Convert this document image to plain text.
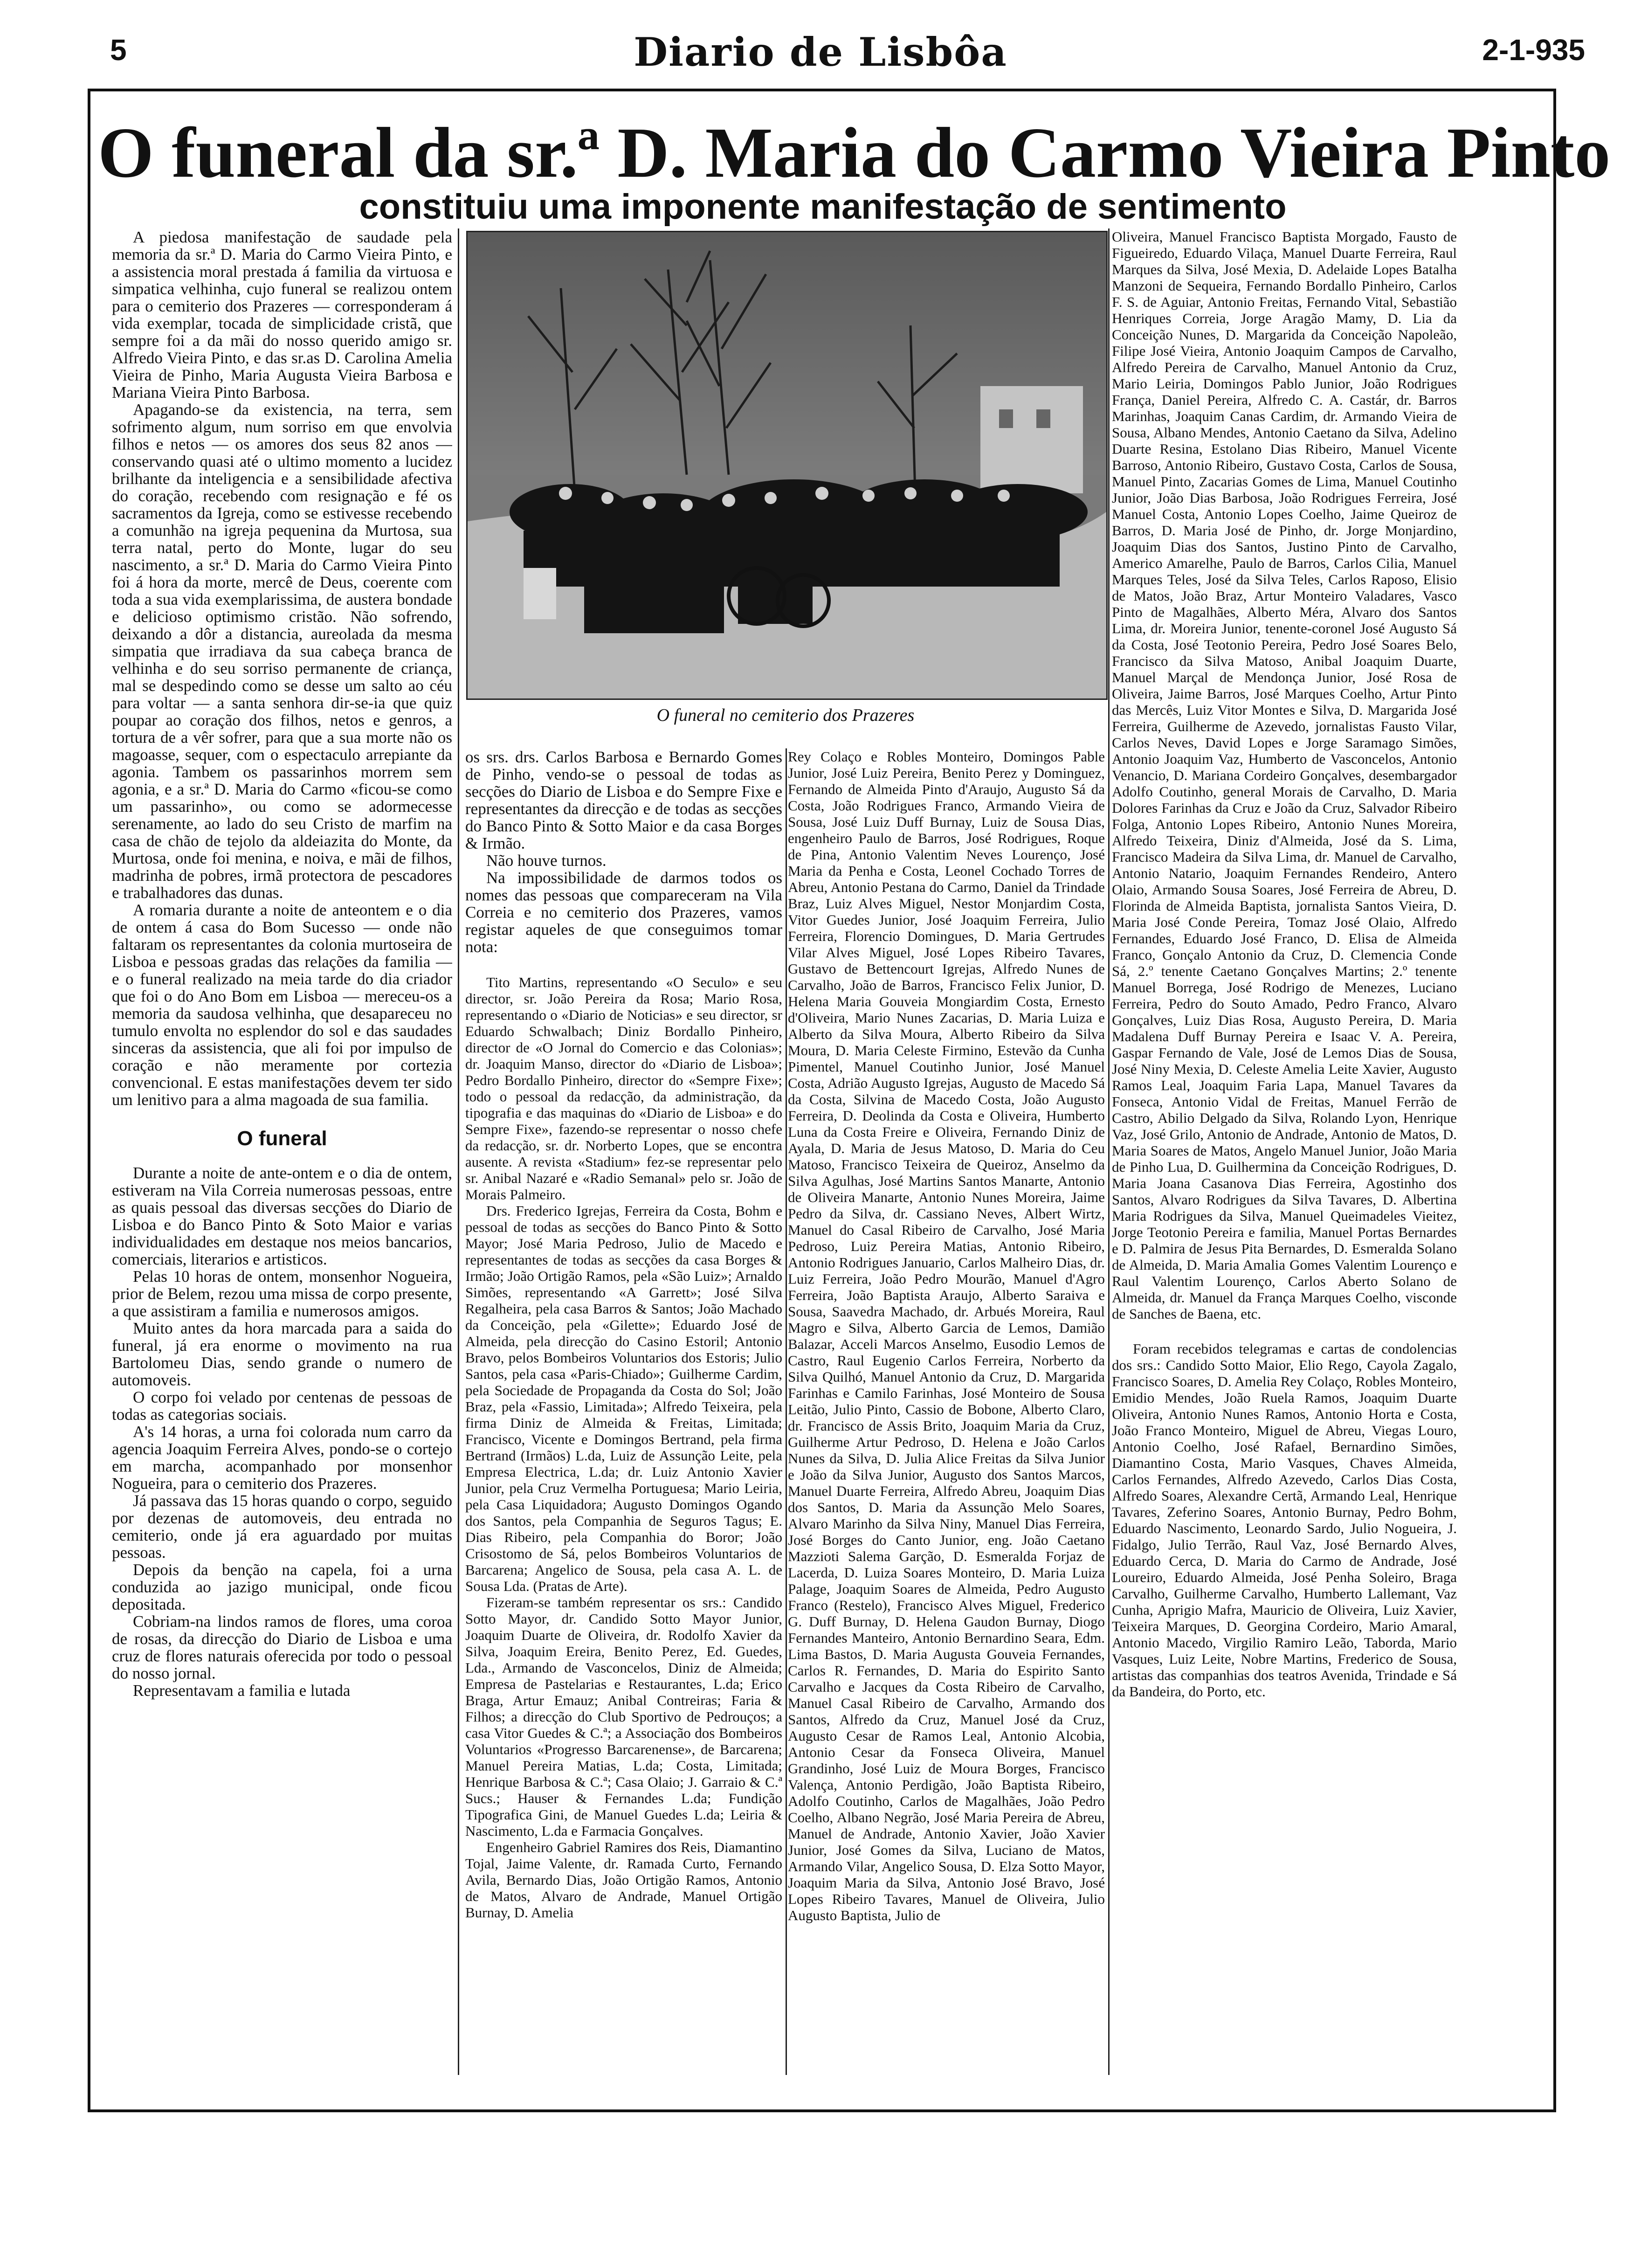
5	Diario de Lisbôa	2-1-935
O funeral da sr.ª D. Maria do Carmo Vieira Pinto
constituiu uma imponente manifestação de sentimento
O funeral no cemiterio dos Prazeres

A piedosa manifestação de saudade pela memoria da sr.ª D. Maria do Carmo Vieira Pinto, e a assistencia moral prestada á familia da virtuosa e simpatica velhinha, cujo funeral se realizou ontem para o cemiterio dos Prazeres — corresponderam á vida exemplar, tocada de simplicidade cristã, que sempre foi a da mãi do nosso querido amigo sr. Alfredo Vieira Pinto, e das sr.as D. Carolina Amelia Vieira de Pinho, Maria Augusta Vieira Barbosa e Mariana Vieira Pinto Barbosa.

Apagando-se da existencia, na terra, sem sofrimento algum, num sorriso em que envolvia filhos e netos — os amores dos seus 82 anos — conservando quasi até o ultimo momento a lucidez brilhante da inteligencia e a sensibilidade afectiva do coração, recebendo com resignação e fé os sacramentos da Igreja, como se estivesse recebendo a comunhão na igreja pequenina da Murtosa, sua terra natal, perto do Monte, lugar do seu nascimento, a sr.ª D. Maria do Carmo Vieira Pinto foi á hora da morte, mercê de Deus, coerente com toda a sua vida exemplarissima, de austera bondade e delicioso optimismo cristão. Não sofrendo, deixando a dôr a distancia, aureolada da mesma simpatia que irradiava da sua cabeça branca de velhinha e do seu sorriso permanente de criança, mal se despedindo como se desse um salto ao céu para voltar — a santa senhora dir-se-ia que quiz poupar ao coração dos filhos, netos e genros, a tortura de a vêr sofrer, para que a sua morte não os magoasse, sequer, com o espectaculo arrepiante da agonia. Tambem os passarinhos morrem sem agonia, e a sr.ª D. Maria do Carmo «ficou-se como um passarinho», ou como se adormecesse serenamente, ao lado do seu Cristo de marfim na casa de chão de tejolo da aldeiazita do Monte, da Murtosa, onde foi menina, e noiva, e mãi de filhos, madrinha de pobres, irmã protectora de pescadores e trabalhadores das dunas.

A romaria durante a noite de anteontem e o dia de ontem á casa do Bom Sucesso — onde não faltaram os representantes da colonia murtoseira de Lisboa e pessoas gradas das relações da familia — e o funeral realizado na meia tarde do dia criador que foi o do Ano Bom em Lisboa — mereceu-os a memoria da saudosa velhinha, que desapareceu no tumulo envolta no esplendor do sol e das saudades sinceras da assistencia, que ali foi por impulso de coração e não meramente por cortezia convencional. E estas manifestações devem ter sido um lenitivo para a alma magoada de sua familia.

O funeral

Durante a noite de ante-ontem e o dia de ontem, estiveram na Vila Correia numerosas pessoas, entre as quais pessoal das diversas secções do Diario de Lisboa e do Banco Pinto & Soto Maior e varias individualidades em destaque nos meios bancarios, comerciais, literarios e artisticos.

Pelas 10 horas de ontem, monsenhor Nogueira, prior de Belem, rezou uma missa de corpo presente, a que assistiram a familia e numerosos amigos.

Muito antes da hora marcada para a saida do funeral, já era enorme o movimento na rua Bartolomeu Dias, sendo grande o numero de automoveis.

O corpo foi velado por centenas de pessoas de todas as categorias sociais.

A's 14 horas, a urna foi colorada num carro da agencia Joaquim Ferreira Alves, pondo-se o cortejo em marcha, acompanhado por monsenhor Nogueira, para o cemiterio dos Prazeres.

Já passava das 15 horas quando o corpo, seguido por dezenas de automoveis, deu entrada no cemiterio, onde já era aguardado por muitas pessoas.

Depois da benção na capela, foi a urna conduzida ao jazigo municipal, onde ficou depositada.

Cobriam-na lindos ramos de flores, uma coroa de rosas, da direcção do Diario de Lisboa e uma cruz de flores naturais oferecida por todo o pessoal do nosso jornal.

Representavam a familia e lutada

os srs. drs. Carlos Barbosa e Bernardo Gomes de Pinho, vendo-se o pessoal de todas as secções do Diario de Lisboa e do Sempre Fixe e representantes da direcção e de todas as secções do Banco Pinto & Sotto Maior e da casa Borges & Irmão.

Não houve turnos.

Na impossibilidade de darmos todos os nomes das pessoas que compareceram na Vila Correia e no cemiterio dos Prazeres, vamos registar aqueles de que conseguimos tomar nota:

Tito Martins, representando «O Seculo» e seu director, sr. João Pereira da Rosa; Mario Rosa, representando o «Diario de Noticias» e seu director, sr Eduardo Schwalbach; Diniz Bordallo Pinheiro, director de «O Jornal do Comercio e das Colonias»; dr. Joaquim Manso, director do «Diario de Lisboa»; Pedro Bordallo Pinheiro, director do «Sempre Fixe»; todo o pessoal da redacção, da administração, da tipografia e das maquinas do «Diario de Lisboa» e do Sempre Fixe», fazendo-se representar o nosso chefe da redacção, sr. dr. Norberto Lopes, que se encontra ausente. A revista «Stadium» fez-se representar pelo sr. Anibal Nazaré e «Radio Semanal» pelo sr. João de Morais Palmeiro.

Drs. Frederico Igrejas, Ferreira da Costa, Bohm e pessoal de todas as secções do Banco Pinto & Sotto Mayor; José Maria Pedroso, Julio de Macedo e representantes de todas as secções da casa Borges & Irmão; João Ortigão Ramos, pela «São Luiz»; Arnaldo Simões, representando «A Garrett»; José Silva Regalheira, pela casa Barros & Santos; João Machado da Conceição, pela «Gilette»; Eduardo José de Almeida, pela direcção do Casino Estoril; Antonio Bravo, pelos Bombeiros Voluntarios dos Estoris; Julio Santos, pela casa «Paris-Chiado»; Guilherme Cardim, pela Sociedade de Propaganda da Costa do Sol; João Braz, pela «Fassio, Limitada»; Alfredo Teixeira, pela firma Diniz de Almeida & Freitas, Limitada; Francisco, Vicente e Domingos Bertrand, pela firma Bertrand (Irmãos) L.da, Luiz de Assunção Leite, pela Empresa Electrica, L.da; dr. Luiz Antonio Xavier Junior, pela Cruz Vermelha Portuguesa; Mario Leiria, pela Casa Liquidadora; Augusto Domingos Ogando dos Santos, pela Companhia de Seguros Tagus; E. Dias Ribeiro, pela Companhia do Boror; João Crisostomo de Sá, pelos Bombeiros Voluntarios de Barcarena; Angelico de Sousa, pela casa A. L. de Sousa Lda. (Pratas de Arte).

Fizeram-se também representar os srs.: Candido Sotto Mayor, dr. Candido Sotto Mayor Junior, Joaquim Duarte de Oliveira, dr. Rodolfo Xavier da Silva, Joaquim Ereira, Benito Perez, Ed. Guedes, Lda., Armando de Vasconcelos, Diniz de Almeida; Empresa de Pastelarias e Restaurantes, L.da; Erico Braga, Artur Emauz; Anibal Contreiras; Faria & Filhos; a direcção do Club Sportivo de Pedrouços; a casa Vitor Guedes & C.ª; a Associação dos Bombeiros Voluntarios «Progresso Barcarenense», de Barcarena; Manuel Pereira Matias, L.da; Costa, Limitada; Henrique Barbosa & C.ª; Casa Olaio; J. Garraio & C.ª Sucs.; Hauser & Fernandes L.da; Fundição Tipografica Gini, de Manuel Guedes L.da; Leiria & Nascimento, L.da e Farmacia Gonçalves.

Engenheiro Gabriel Ramires dos Reis, Diamantino Tojal, Jaime Valente, dr. Ramada Curto, Fernando Avila, Bernardo Dias, João Ortigão Ramos, Antonio de Matos, Alvaro de Andrade, Manuel Ortigão Burnay, D. Amelia

Rey Colaço e Robles Monteiro, Domingos Pable Junior, José Luiz Pereira, Benito Perez y Dominguez, Fernando de Almeida Pinto d'Araujo, Augusto Sá da Costa, João Rodrigues Franco, Armando Vieira de Sousa, José Luiz Duff Burnay, Luiz de Sousa Dias, engenheiro Paulo de Barros, José Rodrigues, Roque de Pina, Antonio Valentim Neves Lourenço, José Maria da Penha e Costa, Leonel Cochado Torres de Abreu, Antonio Pestana do Carmo, Daniel da Trindade Braz, Luiz Alves Miguel, Nestor Monjardim Costa, Vitor Guedes Junior, José Joaquim Ferreira, Julio Ferreira, Florencio Domingues, D. Maria Gertrudes Vilar Alves Miguel, José Lopes Ribeiro Tavares, Gustavo de Bettencourt Igrejas, Alfredo Nunes de Carvalho, João de Barros, Francisco Felix Junior, D. Helena Maria Gouveia Mongiardim Costa, Ernesto d'Oliveira, Mario Nunes Zacarias, D. Maria Luiza e Alberto da Silva Moura, Alberto Ribeiro da Silva Moura, D. Maria Celeste Firmino, Estevão da Cunha Pimentel, Manuel Coutinho Junior, José Manuel Costa, Adrião Augusto Igrejas, Augusto de Macedo Sá da Costa, Silvina de Macedo Costa, João Augusto Ferreira, D. Deolinda da Costa e Oliveira, Humberto Luna da Costa Freire e Oliveira, Fernando Diniz de Ayala, D. Maria de Jesus Matoso, D. Maria do Ceu Matoso, Francisco Teixeira de Queiroz, Anselmo da Silva Agulhas, José Martins Santos Manarte, Antonio de Oliveira Manarte, Antonio Nunes Moreira, Jaime Pedro da Silva, dr. Cassiano Neves, Albert Wirtz, Manuel do Casal Ribeiro de Carvalho, José Maria Pedroso, Luiz Pereira Matias, Antonio Ribeiro, Antonio Rodrigues Januario, Carlos Malheiro Dias, dr. Luiz Ferreira, João Pedro Mourão, Manuel d'Agro Ferreira, João Baptista Araujo, Alberto Saraiva e Sousa, Saavedra Machado, dr. Arbués Moreira, Raul Magro e Silva, Alberto Garcia de Lemos, Damião Balazar, Acceli Marcos Anselmo, Eusodio Lemos de Castro, Raul Eugenio Carlos Ferreira, Norberto da Silva Quilhó, Manuel Antonio da Cruz, D. Margarida Farinhas e Camilo Farinhas, José Monteiro de Sousa Leitão, Julio Pinto, Cassio de Bobone, Alberto Claro, dr. Francisco de Assis Brito, Joaquim Maria da Cruz, Guilherme Artur Pedroso, D. Helena e João Carlos Nunes da Silva, D. Julia Alice Freitas da Silva Junior e João da Silva Junior, Augusto dos Santos Marcos, Manuel Duarte Ferreira, Alfredo Abreu, Joaquim Dias dos Santos, D. Maria da Assunção Melo Soares, Alvaro Marinho da Silva Niny, Manuel Dias Ferreira, José Borges do Canto Junior, eng. João Caetano Mazzioti Salema Garção, D. Esmeralda Forjaz de Lacerda, D. Luiza Soares Monteiro, D. Maria Luiza Palage, Joaquim Soares de Almeida, Pedro Augusto Franco (Restelo), Francisco Alves Miguel, Frederico G. Duff Burnay, D. Helena Gaudon Burnay, Diogo Fernandes Manteiro, Antonio Bernardino Seara, Edm. Lima Bastos, D. Maria Augusta Gouveia Fernandes, Carlos R. Fernandes, D. Maria do Espirito Santo Carvalho e Jacques da Costa Ribeiro de Carvalho, Manuel Casal Ribeiro de Carvalho, Armando dos Santos, Alfredo da Cruz, Manuel José da Cruz, Augusto Cesar de Ramos Leal, Antonio Alcobia, Antonio Cesar da Fonseca Oliveira, Manuel Grandinho, José Luiz de Moura Borges, Francisco Valença, Antonio Perdigão, João Baptista Ribeiro, Adolfo Coutinho, Carlos de Magalhães, João Pedro Coelho, Albano Negrão, José Maria Pereira de Abreu, Manuel de Andrade, Antonio Xavier, João Xavier Junior, José Gomes da Silva, Luciano de Matos, Armando Vilar, Angelico Sousa, D. Elza Sotto Mayor, Joaquim Maria da Silva, Antonio José Bravo, José Lopes Ribeiro Tavares, Manuel de Oliveira, Julio Augusto Baptista, Julio de

Oliveira, Manuel Francisco Baptista Morgado, Fausto de Figueiredo, Eduardo Vilaça, Manuel Duarte Ferreira, Raul Marques da Silva, José Mexia, D. Adelaide Lopes Batalha Manzoni de Sequeira, Fernando Bordallo Pinheiro, Carlos F. S. de Aguiar, Antonio Freitas, Fernando Vital, Sebastião Henriques Correia, Jorge Aragão Mamy, D. Lia da Conceição Nunes, D. Margarida da Conceição Napoleão, Filipe José Vieira, Antonio Joaquim Campos de Carvalho, Alfredo Pereira de Carvalho, Manuel Antonio da Cruz, Mario Leiria, Domingos Pablo Junior, João Rodrigues França, Daniel Pereira, Alfredo C. A. Castár, dr. Barros Marinhas, Joaquim Canas Cardim, dr. Armando Vieira de Sousa, Albano Mendes, Antonio Caetano da Silva, Adelino Duarte Resina, Estolano Dias Ribeiro, Manuel Vicente Barroso, Antonio Ribeiro, Gustavo Costa, Carlos de Sousa, Manuel Pinto, Zacarias Gomes de Lima, Manuel Coutinho Junior, João Dias Barbosa, João Rodrigues Ferreira, José Manuel Costa, Antonio Lopes Coelho, Jaime Queiroz de Barros, D. Maria José de Pinho, dr. Jorge Monjardino, Joaquim Dias dos Santos, Justino Pinto de Carvalho, Americo Amarelhe, Paulo de Barros, Carlos Cilia, Manuel Marques Teles, José da Silva Teles, Carlos Raposo, Elisio de Matos, João Braz, Artur Monteiro Valadares, Vasco Pinto de Magalhães, Alberto Méra, Alvaro dos Santos Lima, dr. Moreira Junior, tenente-coronel José Augusto Sá da Costa, José Teotonio Pereira, Pedro José Soares Belo, Francisco da Silva Matoso, Anibal Joaquim Duarte, Manuel Marçal de Mendonça Junior, José Rosa de Oliveira, Jaime Barros, José Marques Coelho, Artur Pinto das Mercês, Luiz Vitor Montes e Silva, D. Margarida José Ferreira, Guilherme de Azevedo, jornalistas Fausto Vilar, Carlos Neves, David Lopes e Jorge Saramago Simões, Antonio Joaquim Vaz, Humberto de Vasconcelos, Antonio Venancio, D. Mariana Cordeiro Gonçalves, desembargador Adolfo Coutinho, general Morais de Carvalho, D. Maria Dolores Farinhas da Cruz e João da Cruz, Salvador Ribeiro Folga, Antonio Lopes Ribeiro, Antonio Nunes Moreira, Alfredo Teixeira, Diniz d'Almeida, José da S. Lima, Francisco Madeira da Silva Lima, dr. Manuel de Carvalho, Antonio Natario, Joaquim Fernandes Rendeiro, Antero Olaio, Armando Sousa Soares, José Ferreira de Abreu, D. Florinda de Almeida Baptista, jornalista Santos Vieira, D. Maria José Conde Pereira, Tomaz José Olaio, Alfredo Fernandes, Eduardo José Franco, D. Elisa de Almeida Franco, Gonçalo Antonio da Cruz, D. Clemencia Conde Sá, 2.º tenente Caetano Gonçalves Martins; 2.º tenente Manuel Borrega, José Rodrigo de Menezes, Luciano Ferreira, Pedro do Souto Amado, Pedro Franco, Alvaro Gonçalves, Luiz Dias Rosa, Augusto Pereira, D. Maria Madalena Duff Burnay Pereira e Isaac V. A. Pereira, Gaspar Fernando de Vale, José de Lemos Dias de Sousa, José Niny Mexia, D. Celeste Amelia Leite Xavier, Augusto Ramos Leal, Joaquim Faria Lapa, Manuel Tavares da Fonseca, Antonio Vidal de Freitas, Manuel Ferrão de Castro, Abilio Delgado da Silva, Rolando Lyon, Henrique Vaz, José Grilo, Antonio de Andrade, Antonio de Matos, D. Maria Soares de Matos, Angelo Manuel Junior, João Maria de Pinho Lua, D. Guilhermina da Conceição Rodrigues, D. Maria Joana Casanova Dias Ferreira, Agostinho dos Santos, Alvaro Rodrigues da Silva Tavares, D. Albertina Maria Rodrigues da Silva, Manuel Queimadeles Vieitez, Jorge Teotonio Pereira e familia, Manuel Portas Bernardes e D. Palmira de Jesus Pita Bernardes, D. Esmeralda Solano de Almeida, D. Maria Amalia Gomes Valentim Lourenço e Raul Valentim Lourenço, Carlos Aberto Solano de Almeida, dr. Manuel da França Marques Coelho, visconde de Sanches de Baena, etc.

Foram recebidos telegramas e cartas de condolencias dos srs.: Candido Sotto Maior, Elio Rego, Cayola Zagalo, Francisco Soares, D. Amelia Rey Colaço, Robles Monteiro, Emidio Mendes, João Ruela Ramos, Joaquim Duarte Oliveira, Antonio Nunes Ramos, Antonio Horta e Costa, João Franco Monteiro, Miguel de Abreu, Viegas Louro, Antonio Coelho, José Rafael, Bernardino Simões, Diamantino Costa, Mario Vasques, Chaves Almeida, Carlos Fernandes, Alfredo Azevedo, Carlos Dias Costa, Alfredo Soares, Alexandre Certã, Armando Leal, Henrique Tavares, Zeferino Soares, Antonio Burnay, Pedro Bohm, Eduardo Nascimento, Leonardo Sardo, Julio Nogueira, J. Fidalgo, Julio Terrão, Raul Vaz, José Bernardo Alves, Eduardo Cerca, D. Maria do Carmo de Andrade, José Loureiro, Eduardo Almeida, José Penha Soleiro, Braga Carvalho, Guilherme Carvalho, Humberto Lallemant, Vaz Cunha, Aprigio Mafra, Mauricio de Oliveira, Luiz Xavier, Teixeira Marques, D. Georgina Cordeiro, Mario Amaral, Antonio Macedo, Virgilio Ramiro Leão, Taborda, Mario Vasques, Luiz Leite, Nobre Martins, Frederico de Sousa, artistas das companhias dos teatros Avenida, Trindade e Sá da Bandeira, do Porto, etc.
